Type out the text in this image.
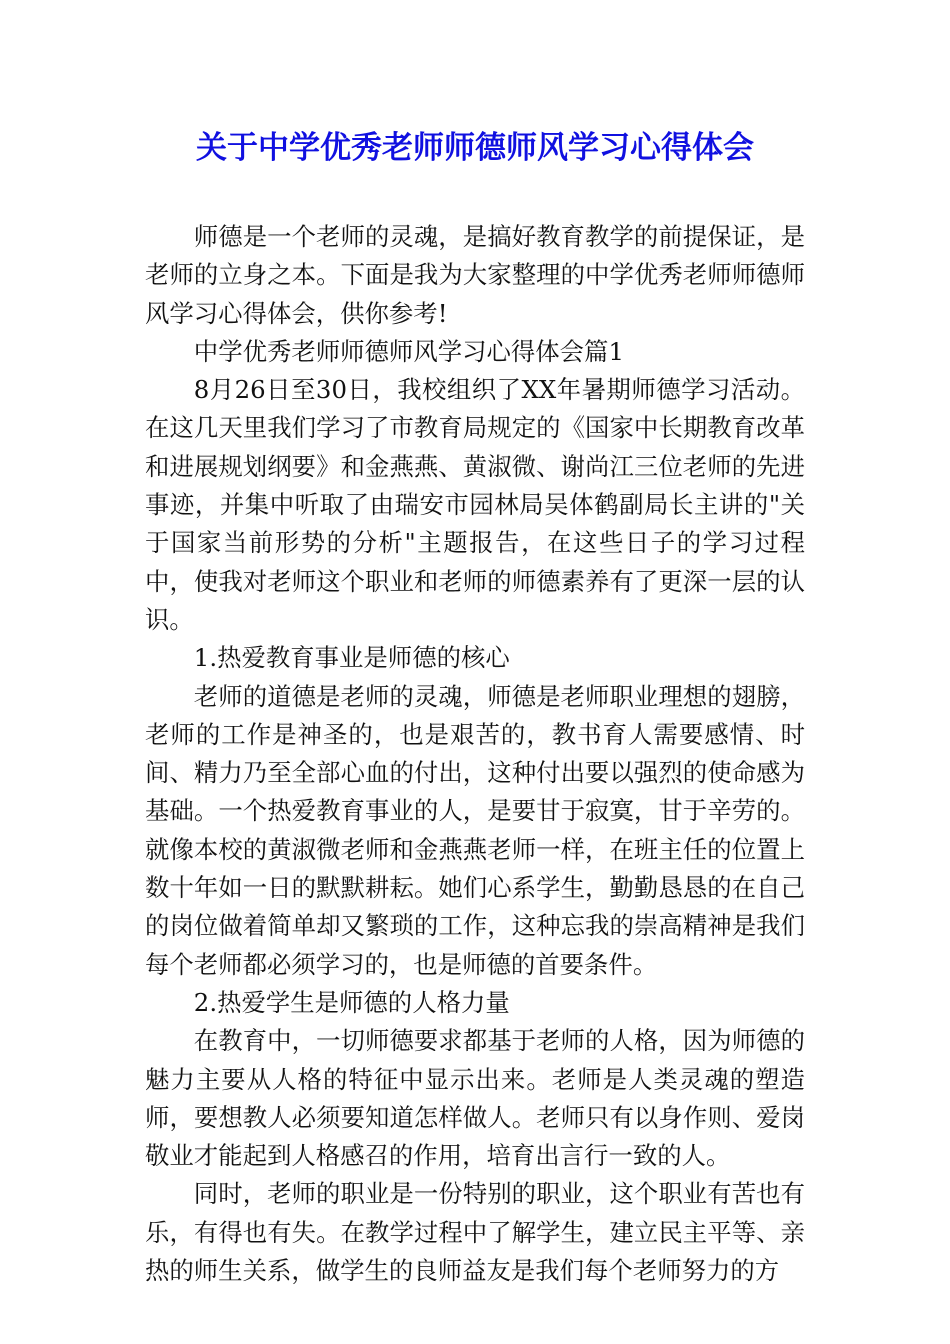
关于中学优秀老师师德师风学习心得体会

师德是一个老师的灵魂，是搞好教育教学的前提保证，是老师的立身之本。下面是我为大家整理的中学优秀老师师德师风学习心得体会，供你参考!

中学优秀老师师德师风学习心得体会篇1

8月26日至30日，我校组织了XX年暑期师德学习活动。在这几天里我们学习了市教育局规定的《国家中长期教育改革和进展规划纲要》和金燕燕、黄淑微、谢尚江三位老师的先进事迹，并集中听取了由瑞安市园林局吴体鹤副局长主讲的"关于国家当前形势的分析"主题报告，在这些日子的学习过程中，使我对老师这个职业和老师的师德素养有了更深一层的认识。

1.热爱教育事业是师德的核心

老师的道德是老师的灵魂，师德是老师职业理想的翅膀，老师的工作是神圣的，也是艰苦的，教书育人需要感情、时间、精力乃至全部心血的付出，这种付出要以强烈的使命感为基础。一个热爱教育事业的人，是要甘于寂寞，甘于辛劳的。就像本校的黄淑微老师和金燕燕老师一样，在班主任的位置上数十年如一日的默默耕耘。她们心系学生，勤勤恳恳的在自己的岗位做着简单却又繁琐的工作，这种忘我的崇高精神是我们每个老师都必须学习的，也是师德的首要条件。

2.热爱学生是师德的人格力量

在教育中，一切师德要求都基于老师的人格，因为师德的魅力主要从人格的特征中显示出来。老师是人类灵魂的塑造师，要想教人必须要知道怎样做人。老师只有以身作则、爱岗敬业才能起到人格感召的作用，培育出言行一致的人。

同时，老师的职业是一份特别的职业，这个职业有苦也有乐，有得也有失。在教学过程中了解学生，建立民主平等、亲热的师生关系，做学生的良师益友是我们每个老师努力的方
